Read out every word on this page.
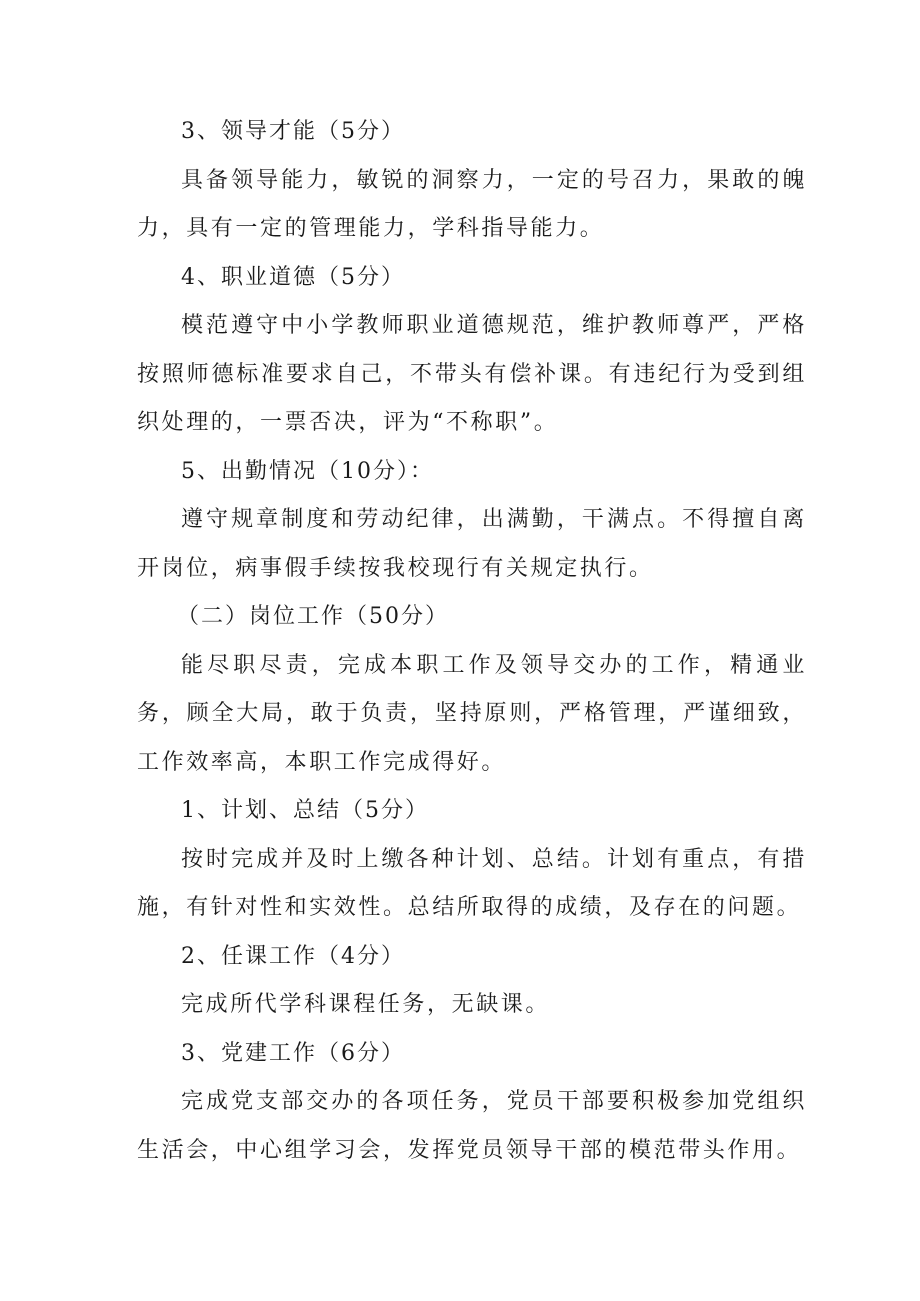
3、领导才能（5分）

具备领导能力，敏锐的洞察力，一定的号召力，果敢的魄力，具有一定的管理能力，学科指导能力。

4、职业道德（5分）

模范遵守中小学教师职业道德规范，维护教师尊严，严格按照师德标准要求自己，不带头有偿补课。有违纪行为受到组织处理的，一票否决，评为“不称职”。

5、出勤情况（10分）：

遵守规章制度和劳动纪律，出满勤，干满点。不得擅自离开岗位，病事假手续按我校现行有关规定执行。

（二）岗位工作（50分）

能尽职尽责，完成本职工作及领导交办的工作，精通业务，顾全大局，敢于负责，坚持原则，严格管理，严谨细致，工作效率高，本职工作完成得好。

1、计划、总结（5分）

按时完成并及时上缴各种计划、总结。计划有重点，有措施，有针对性和实效性。总结所取得的成绩，及存在的问题。

2、任课工作（4分）

完成所代学科课程任务，无缺课。

3、党建工作（6分）

完成党支部交办的各项任务，党员干部要积极参加党组织生活会，中心组学习会，发挥党员领导干部的模范带头作用。
